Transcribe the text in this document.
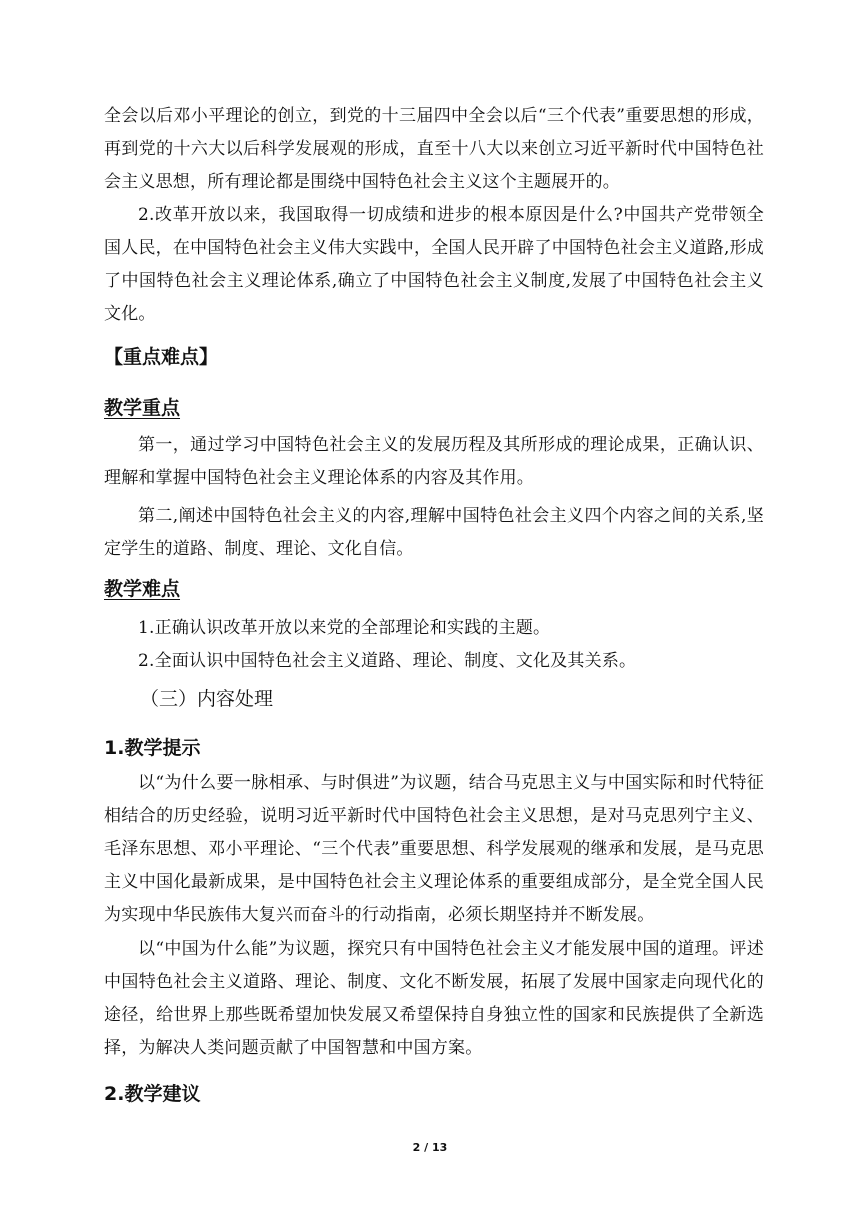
全会以后邓小平理论的创立，到党的十三届四中全会以后“三个代表”重要思想的形成，再到党的十六大以后科学发展观的形成，直至十八大以来创立习近平新时代中国特色社会主义思想，所有理论都是围绕中国特色社会主义这个主题展开的。

2.改革开放以来，我国取得一切成绩和进步的根本原因是什么?中国共产党带领全国人民，在中国特色社会主义伟大实践中，全国人民开辟了中国特色社会主义道路,形成了中国特色社会主义理论体系,确立了中国特色社会主义制度,发展了中国特色社会主义文化。

【重点难点】
教学重点

第一，通过学习中国特色社会主义的发展历程及其所形成的理论成果，正确认识、理解和掌握中国特色社会主义理论体系的内容及其作用。

第二,阐述中国特色社会主义的内容,理解中国特色社会主义四个内容之间的关系,坚定学生的道路、制度、理论、文化自信。

教学难点

1.正确认识改革开放以来党的全部理论和实践的主题。

2.全面认识中国特色社会主义道路、理论、制度、文化及其关系。

（三）内容处理
1.教学提示

以“为什么要一脉相承、与时俱进”为议题，结合马克思主义与中国实际和时代特征相结合的历史经验，说明习近平新时代中国特色社会主义思想，是对马克思列宁主义、毛泽东思想、邓小平理论、“三个代表”重要思想、科学发展观的继承和发展，是马克思主义中国化最新成果，是中国特色社会主义理论体系的重要组成部分，是全党全国人民为实现中华民族伟大复兴而奋斗的行动指南，必须长期坚持并不断发展。

以“中国为什么能”为议题，探究只有中国特色社会主义才能发展中国的道理。评述中国特色社会主义道路、理论、制度、文化不断发展，拓展了发展中国家走向现代化的途径，给世界上那些既希望加快发展又希望保持自身独立性的国家和民族提供了全新选择，为解决人类问题贡献了中国智慧和中国方案。

2.教学建议
2 / 13
